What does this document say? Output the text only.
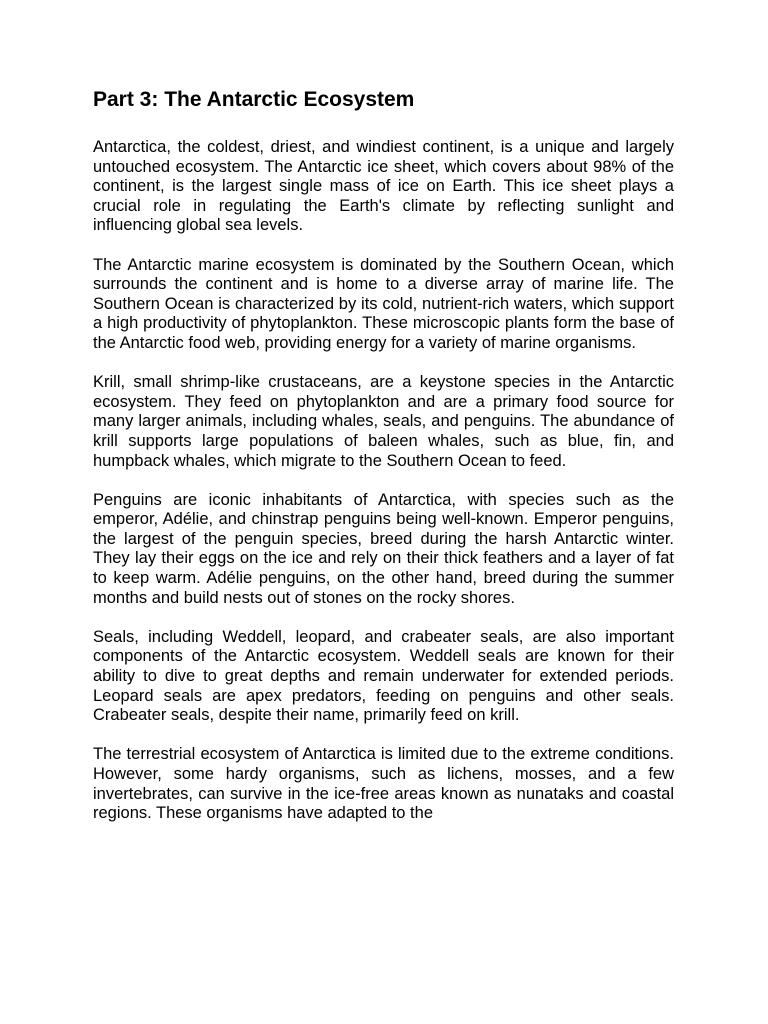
Part 3: The Antarctic Ecosystem

Antarctica, the coldest, driest, and windiest continent, is a unique and largely untouched ecosystem. The Antarctic ice sheet, which covers about 98% of the continent, is the largest single mass of ice on Earth. This ice sheet plays a crucial role in regulating the Earth's climate by reflecting sunlight and influencing global sea levels.

The Antarctic marine ecosystem is dominated by the Southern Ocean, which surrounds the continent and is home to a diverse array of marine life. The Southern Ocean is characterized by its cold, nutrient-rich waters, which support a high productivity of phytoplankton. These microscopic plants form the base of the Antarctic food web, providing energy for a variety of marine organisms.

Krill, small shrimp-like crustaceans, are a keystone species in the Antarctic ecosystem. They feed on phytoplankton and are a primary food source for many larger animals, including whales, seals, and penguins. The abundance of krill supports large populations of baleen whales, such as blue, fin, and humpback whales, which migrate to the Southern Ocean to feed.

Penguins are iconic inhabitants of Antarctica, with species such as the emperor, Adélie, and chinstrap penguins being well-known. Emperor penguins, the largest of the penguin species, breed during the harsh Antarctic winter. They lay their eggs on the ice and rely on their thick feathers and a layer of fat to keep warm. Adélie penguins, on the other hand, breed during the summer months and build nests out of stones on the rocky shores.

Seals, including Weddell, leopard, and crabeater seals, are also important components of the Antarctic ecosystem. Weddell seals are known for their ability to dive to great depths and remain underwater for extended periods. Leopard seals are apex predators, feeding on penguins and other seals. Crabeater seals, despite their name, primarily feed on krill.

The terrestrial ecosystem of Antarctica is limited due to the extreme conditions. However, some hardy organisms, such as lichens, mosses, and a few invertebrates, can survive in the ice-free areas known as nunataks and coastal regions. These organisms have adapted to the
